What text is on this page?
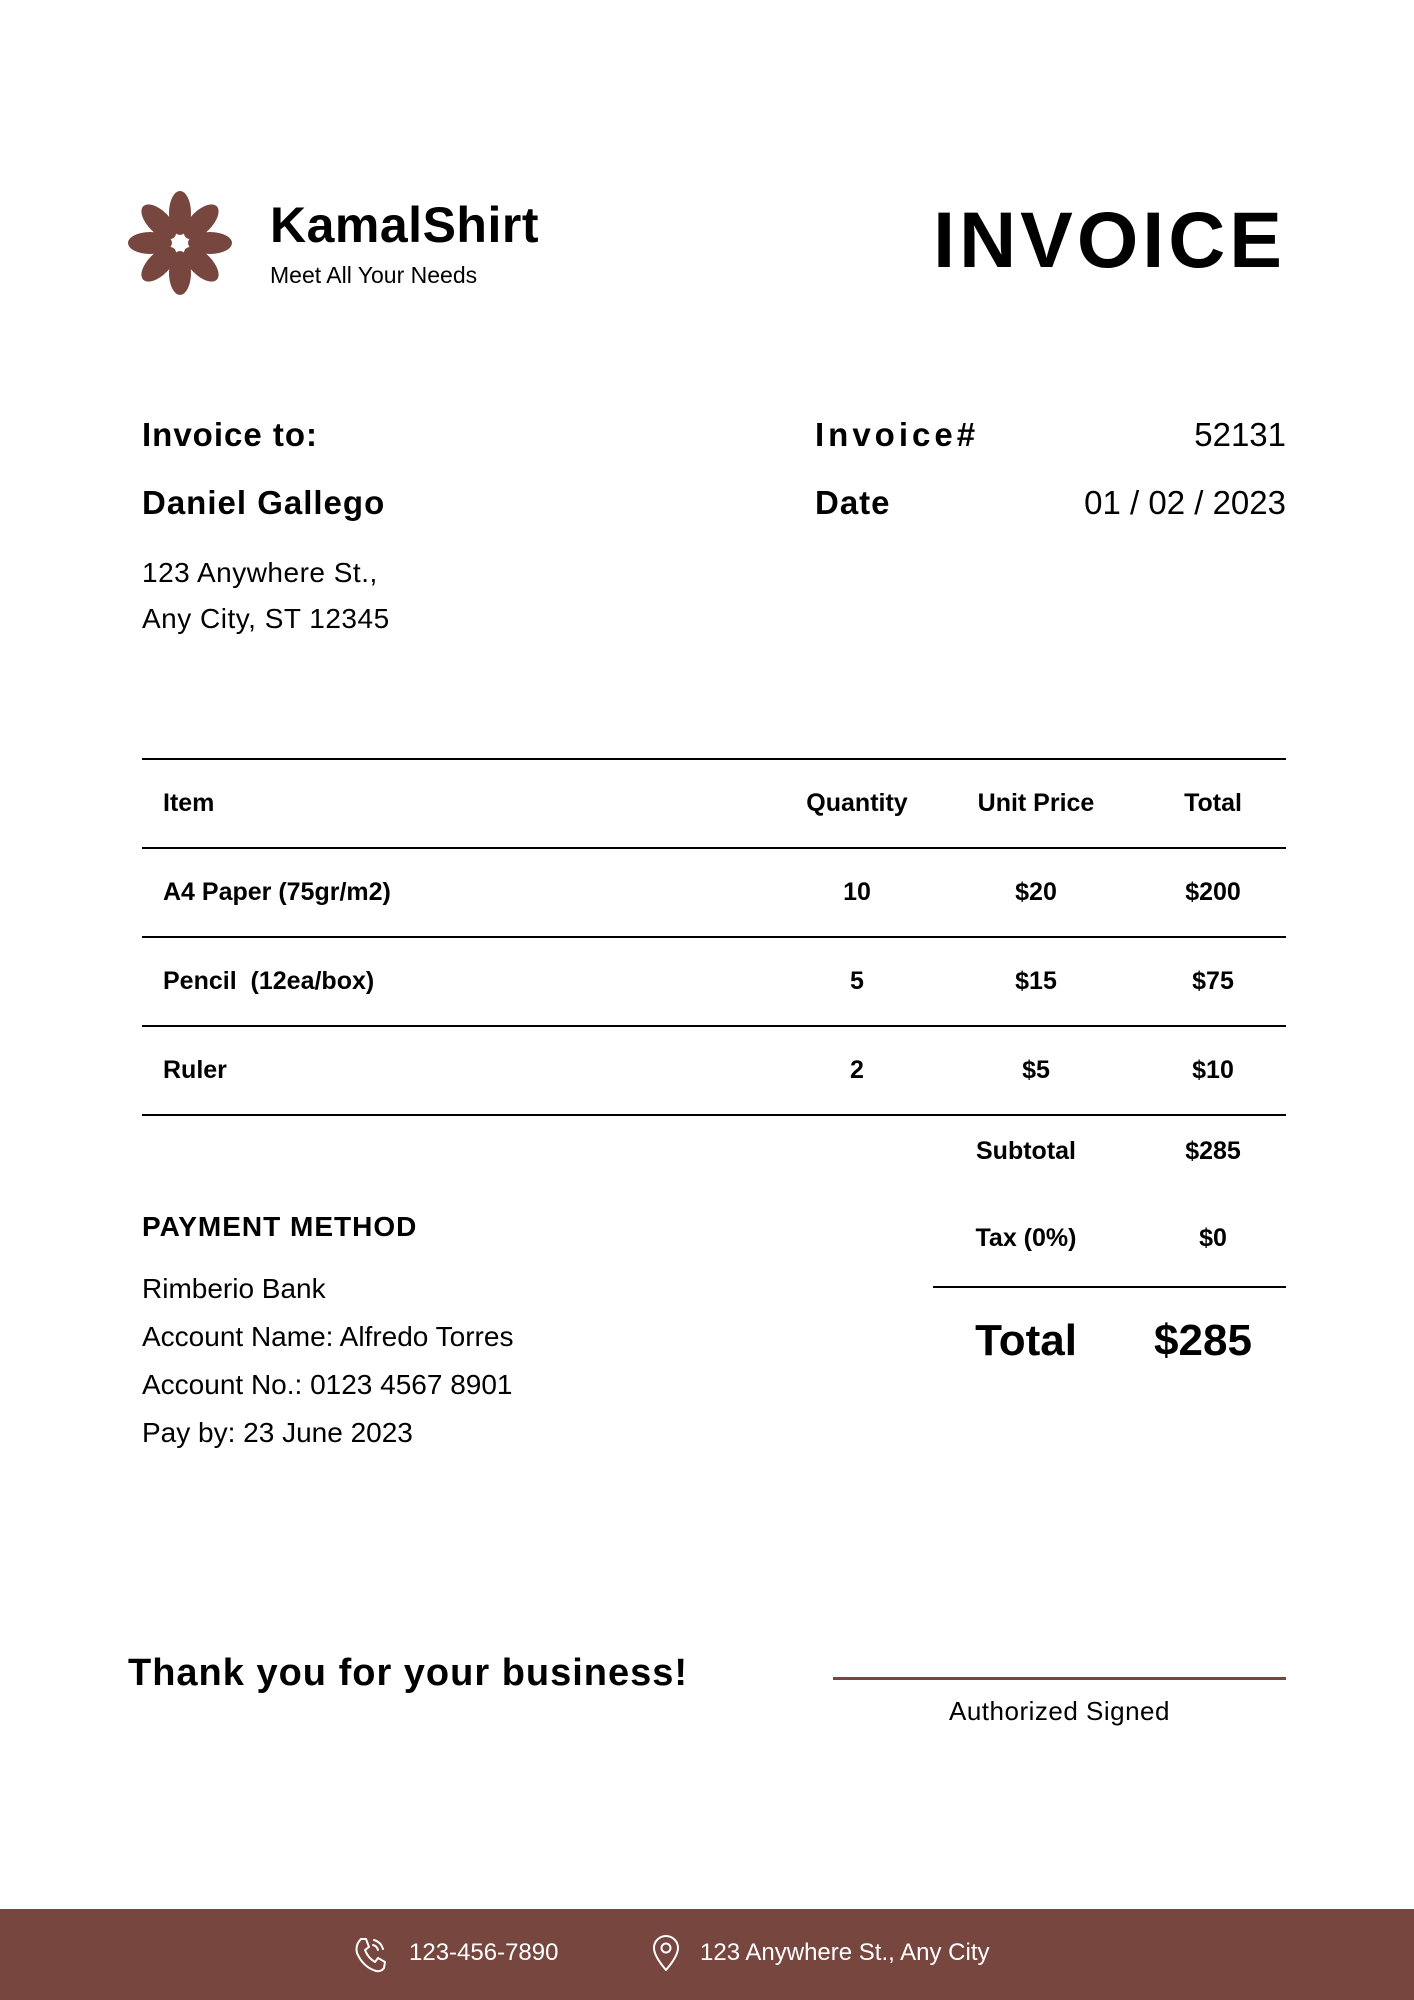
KamalShirt
Meet All Your Needs	INVOICE
Invoice to:
Daniel Gallego
123 Anywhere St.,
Any City, ST 12345
Invoice#	52131
Date	01 / 02 / 2023
Item	Quantity	Unit Price	Total
A4 Paper (75gr/m2)	10	$20	$200
Pencil  (12ea/box)	5	$15	$75
Ruler	2	$5	$10
Subtotal	$285
Tax (0%)	$0
Total	$285
PAYMENT METHOD
Rimberio Bank
Account Name: Alfredo Torres
Account No.: 0123 4567 8901
Pay by: 23 June 2023
Thank you for your business!
Authorized Signed
123-456-7890	123 Anywhere St., Any City
